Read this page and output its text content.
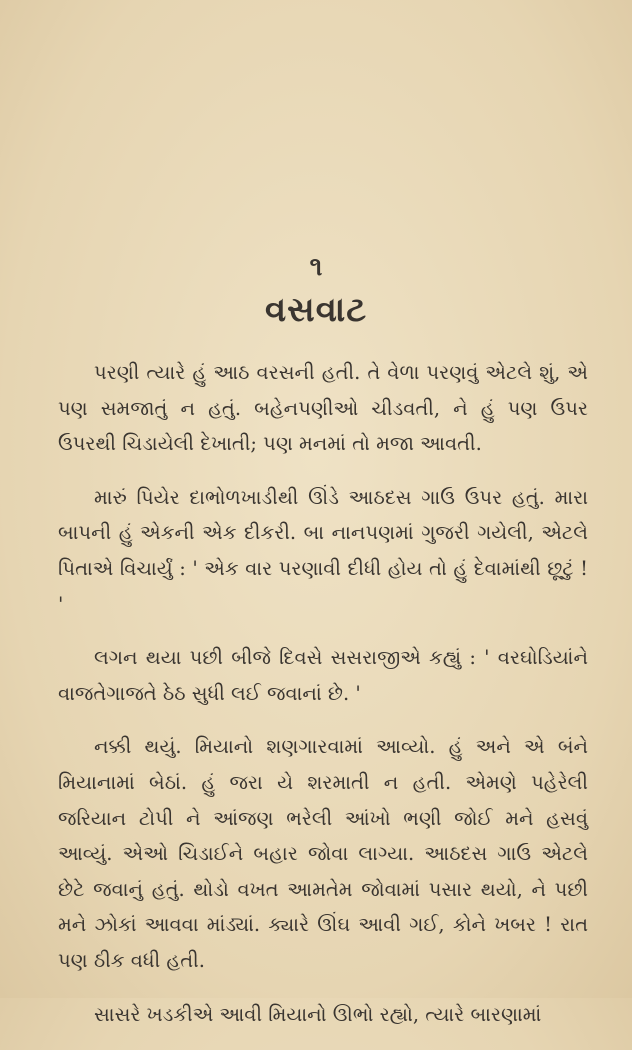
૧
વસવાટ

પરણી ત્યારે હું આઠ વરસની હતી. તે વેળા પરણવું એટલે શું, એ પણ સમજાતું ન હતું. બહેનપણીઓ ચીડવતી, ને હું પણ ઉપર ઉપરથી ચિડાયેલી દેખાતી; પણ મનમાં તો મજા આવતી.

મારું પિયેર દાભોળખાડીથી ઊંડે આઠદસ ગાઉ ઉપર હતું. મારા બાપની હું એકની એક દીકરી. બા નાનપણમાં ગુજરી ગયેલી, એટલે પિતાએ વિચાર્યું : ' એક વાર પરણાવી દીધી હોય તો હું દેવામાંથી છૂટું ! '

લગન થયા પછી બીજે દિવસે સસરાજીએ કહ્યું : ' વરઘોડિયાંને વાજતેગાજતે ઠેઠ સુધી લઈ જવાનાં છે. '

નક્કી થયું. મિયાનો શણગારવામાં આવ્યો. હું અને એ બંને મિયાનામાં બેઠાં. હું જરા યે શરમાતી ન હતી. એમણે પહેરેલી જરિયાન ટોપી ને આંજણ ભરેલી આંખો ભણી જોઈ મને હસવું આવ્યું. એઓ ચિડાઈને બહાર જોવા લાગ્યા. આઠદસ ગાઉ એટલે છેટે જવાનું હતું. થોડો વખત આમતેમ જોવામાં પસાર થયો, ને પછી મને ઝોકાં આવવા માંડ્યાં. ક્યારે ઊંઘ આવી ગઈ, કોને ખબર ! રાત પણ ઠીક વધી હતી.

સાસરે ખડકીએ આવી મિયાનો ઊભો રહ્યો, ત્યારે બારણામાં
